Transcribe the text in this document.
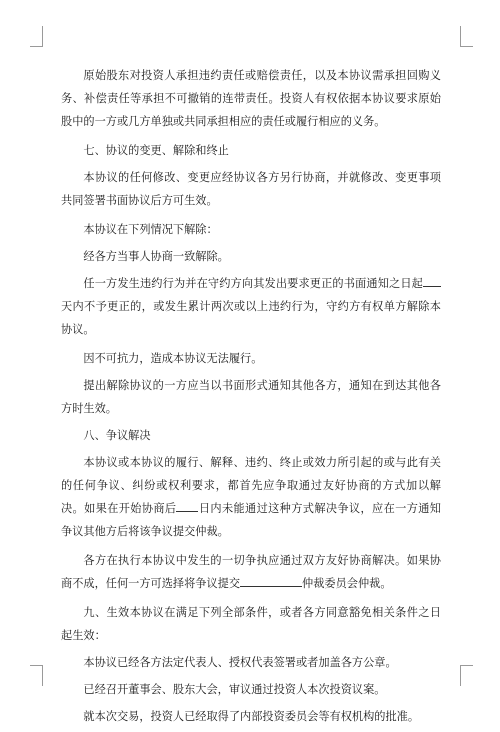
原始股东对投资人承担违约责任或赔偿责任，以及本协议需承担回购义务、补偿责任等承担不可撤销的连带责任。投资人有权依据本协议要求原始股中的一方或几方单独或共同承担相应的责任或履行相应的义务。

七、协议的变更、解除和终止

本协议的任何修改、变更应经协议各方另行协商，并就修改、变更事项共同签署书面协议后方可生效。

本协议在下列情况下解除：

经各方当事人协商一致解除。

任一方发生违约行为并在守约方向其发出要求更正的书面通知之日起天内不予更正的，或发生累计两次或以上违约行为，守约方有权单方解除本协议。

因不可抗力，造成本协议无法履行。

提出解除协议的一方应当以书面形式通知其他各方，通知在到达其他各方时生效。

八、争议解决

本协议或本协议的履行、解释、违约、终止或效力所引起的或与此有关的任何争议、纠纷或权利要求，都首先应争取通过友好协商的方式加以解决。如果在开始协商后 日内未能通过这种方式解决争议，应在一方通知争议其他方后将该争议提交仲裁。

各方在执行本协议中发生的一切争执应通过双方友好协商解决。如果协商不成，任何一方可选择将争议提交	仲裁委员会仲裁。

九、生效本协议在满足下列全部条件，或者各方同意豁免相关条件之日起生效：

本协议已经各方法定代表人、授权代表签署或者加盖各方公章。

已经召开董事会、股东大会，审议通过投资人本次投资议案。

就本次交易，投资人已经取得了内部投资委员会等有权机构的批准。
